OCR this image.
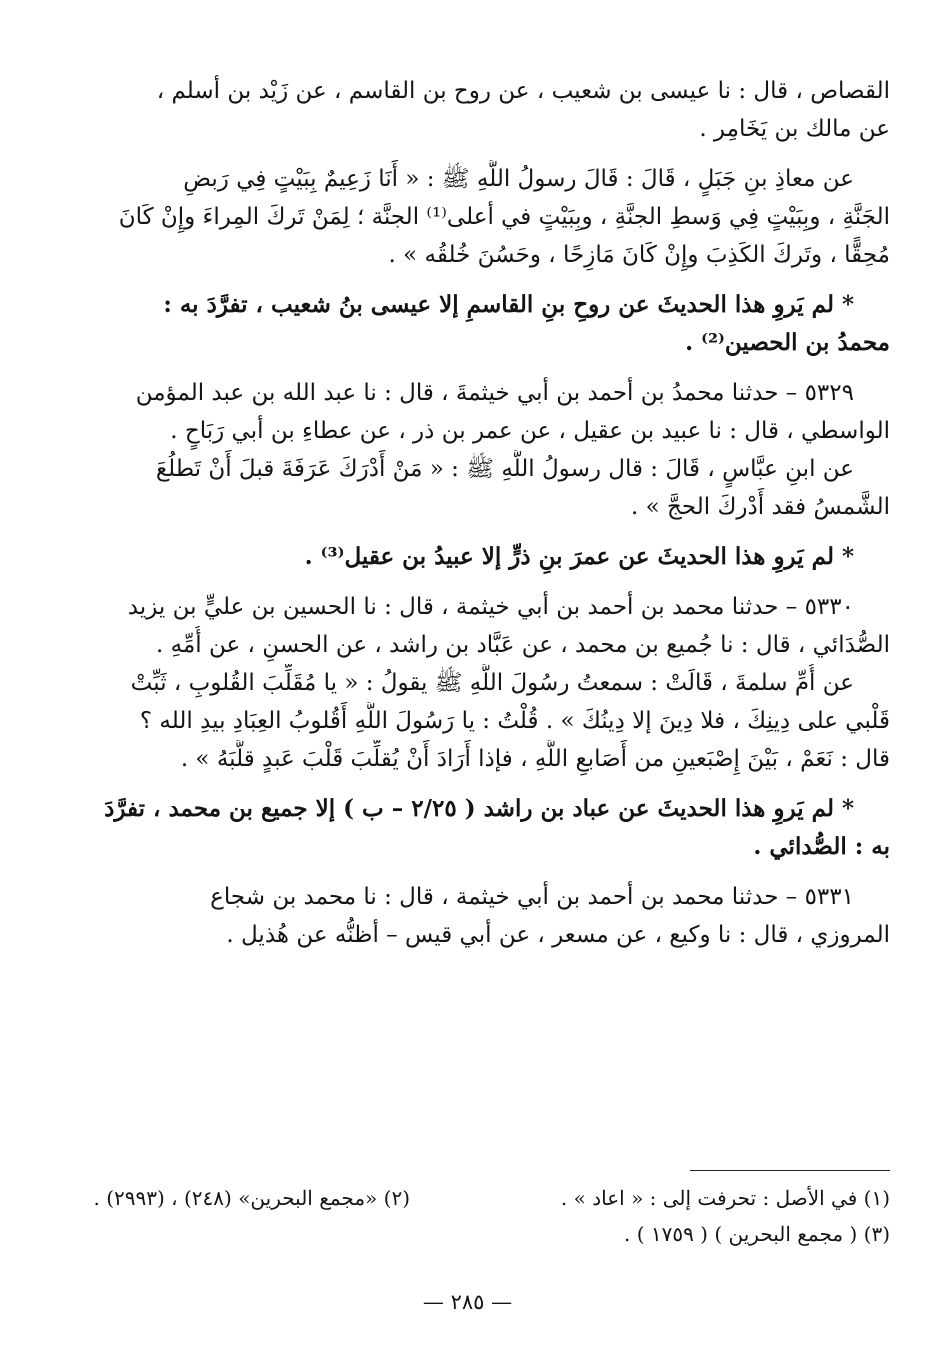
القصاص ، قال : نا عيسى بن شعيب ، عن روح بن القاسم ، عن زَيْد بن أسلم ،
عن مالك بن يَخَامِر .
عن معاذِ بنِ جَبَلٍ ، قَالَ : قَالَ رسولُ اللَّهِ ﷺ : « أَنَا زَعِيمٌ بِبَيْتٍ فِي رَبضِ
الجَنَّةِ ، وبِبَيْتٍ فِي وَسطِ الجنَّةِ ، وبِبَيْتٍ في أعلى⁽¹⁾ الجنَّة ؛ لِمَنْ تَركَ المِراءَ وإِنْ كَانَ
مُحِقًّا ، وتَركَ الكَذِبَ وإِنْ كَانَ مَازِحًا ، وحَسُنَ خُلقُه » .
* لم يَروِ هذا الحديثَ عن روحِ بنِ القاسمِ إلا عيسى بنُ شعيب ، تفرَّدَ به :
محمدُ بن الحصين⁽²⁾ .
٥٣٢٩ – حدثنا محمدُ بن أحمد بن أبي خيثمةَ ، قال : نا عبد الله بن عبد المؤمن
الواسطي ، قال : نا عبيد بن عقيل ، عن عمر بن ذر ، عن عطاءِ بن أبي رَبَاحٍ .
عن ابنِ عبَّاسٍ ، قَالَ : قال رسولُ اللَّهِ ﷺ : « مَنْ أَدْرَكَ عَرَفَةَ قبلَ أَنْ تَطلُعَ
الشَّمسُ فقد أَدْركَ الحجَّ » .
* لم يَروِ هذا الحديثَ عن عمرَ بنِ ذرٍّ إلا عبيدُ بن عقيل⁽³⁾ .
٥٣٣٠ – حدثنا محمد بن أحمد بن أبي خيثمة ، قال : نا الحسين بن عليٍّ بن يزيد
الصُّدَائي ، قال : نا جُميع بن محمد ، عن عَبَّاد بن راشد ، عن الحسنِ ، عن أُمِّهِ .
عن أُمِّ سلمةَ ، قَالَتْ : سمعتُ رسُولَ اللَّهِ ﷺ يقولُ : « يا مُقَلِّبَ القُلوبِ ، ثَبِّتْ
قَلْبي على دِينِكَ ، فلا دِينَ إلا دِينُكَ » . قُلْتُ : يا رَسُولَ اللَّهِ أَقُلوبُ العِبَادِ بيدِ الله ؟
قال : نَعَمْ ، بَيْنَ إِصْبَعينِ من أَصَابعِ اللَّهِ ، فإذا أَرَادَ أَنْ يُقلِّبَ قَلْبَ عَبدٍ قلَّبَهُ » .
* لم يَروِ هذا الحديثَ عن عباد بن راشد ( ٢/٢٥ – ب ) إلا جميع بن محمد ، تفرَّدَ
به : الصُّدائي .
٥٣٣١ – حدثنا محمد بن أحمد بن أبي خيثمة ، قال : نا محمد بن شجاع
المروزي ، قال : نا وكيع ، عن مسعر ، عن أبي قيس – أظنُّه عن هُذيل .
(١) في الأصل : تحرفت إلى : « اعاد » .
(٢) «مجمع البحرين» (٢٤٨) ، (٢٩٩٣) .
(٣) ( مجمع البحرين ) ( ١٧٥٩ ) .
— ٢٨٥ —
